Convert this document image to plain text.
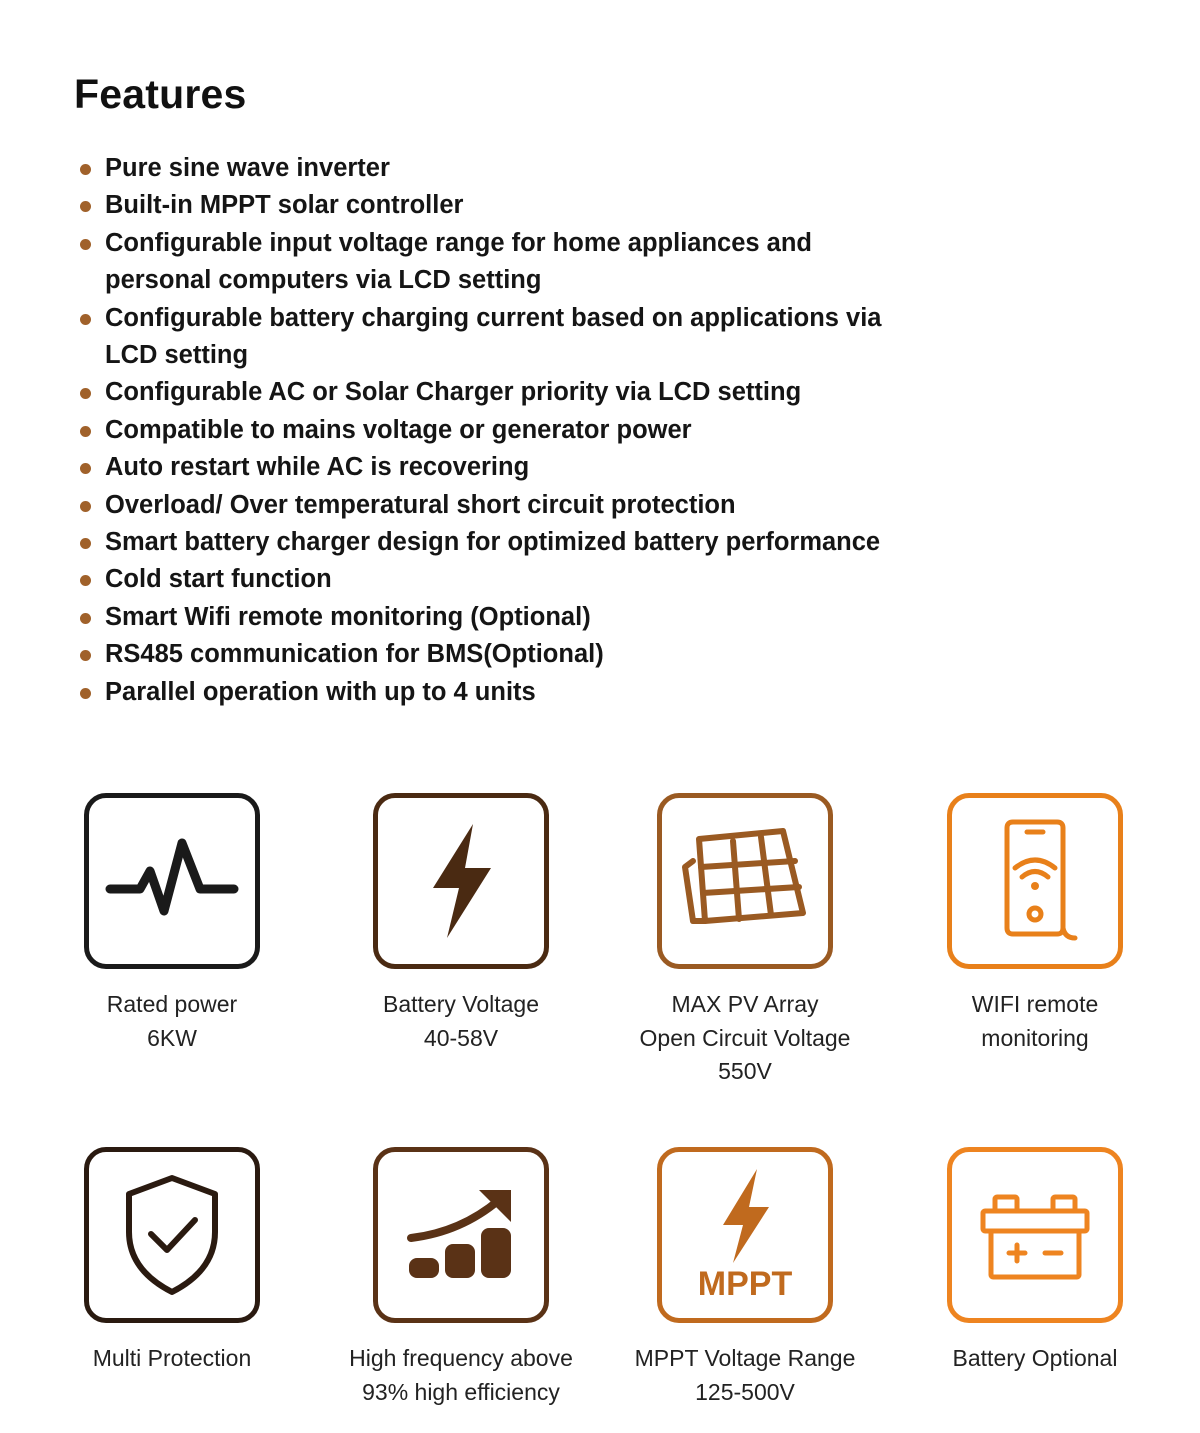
Features
Pure sine wave inverter
Built-in MPPT solar controller
Configurable input voltage range for home appliances and
personal computers via LCD setting
Configurable battery charging current based on applications via
LCD setting
Configurable AC or Solar Charger priority via LCD setting
Compatible to mains voltage or generator power
Auto restart while AC is recovering
Overload/ Over temperatural short circuit protection
Smart battery charger design for optimized battery performance
Cold start function
Smart Wifi remote monitoring (Optional)
RS485 communication for BMS(Optional)
Parallel operation with up to 4 units
MPPT
Rated power
6KW
Battery Voltage
40-58V
MAX PV Array
Open Circuit Voltage
550V
WIFI remote
monitoring
Multi Protection	High frequency above
93% high efficiency
MPPT Voltage Range
125-500V
Battery Optional
